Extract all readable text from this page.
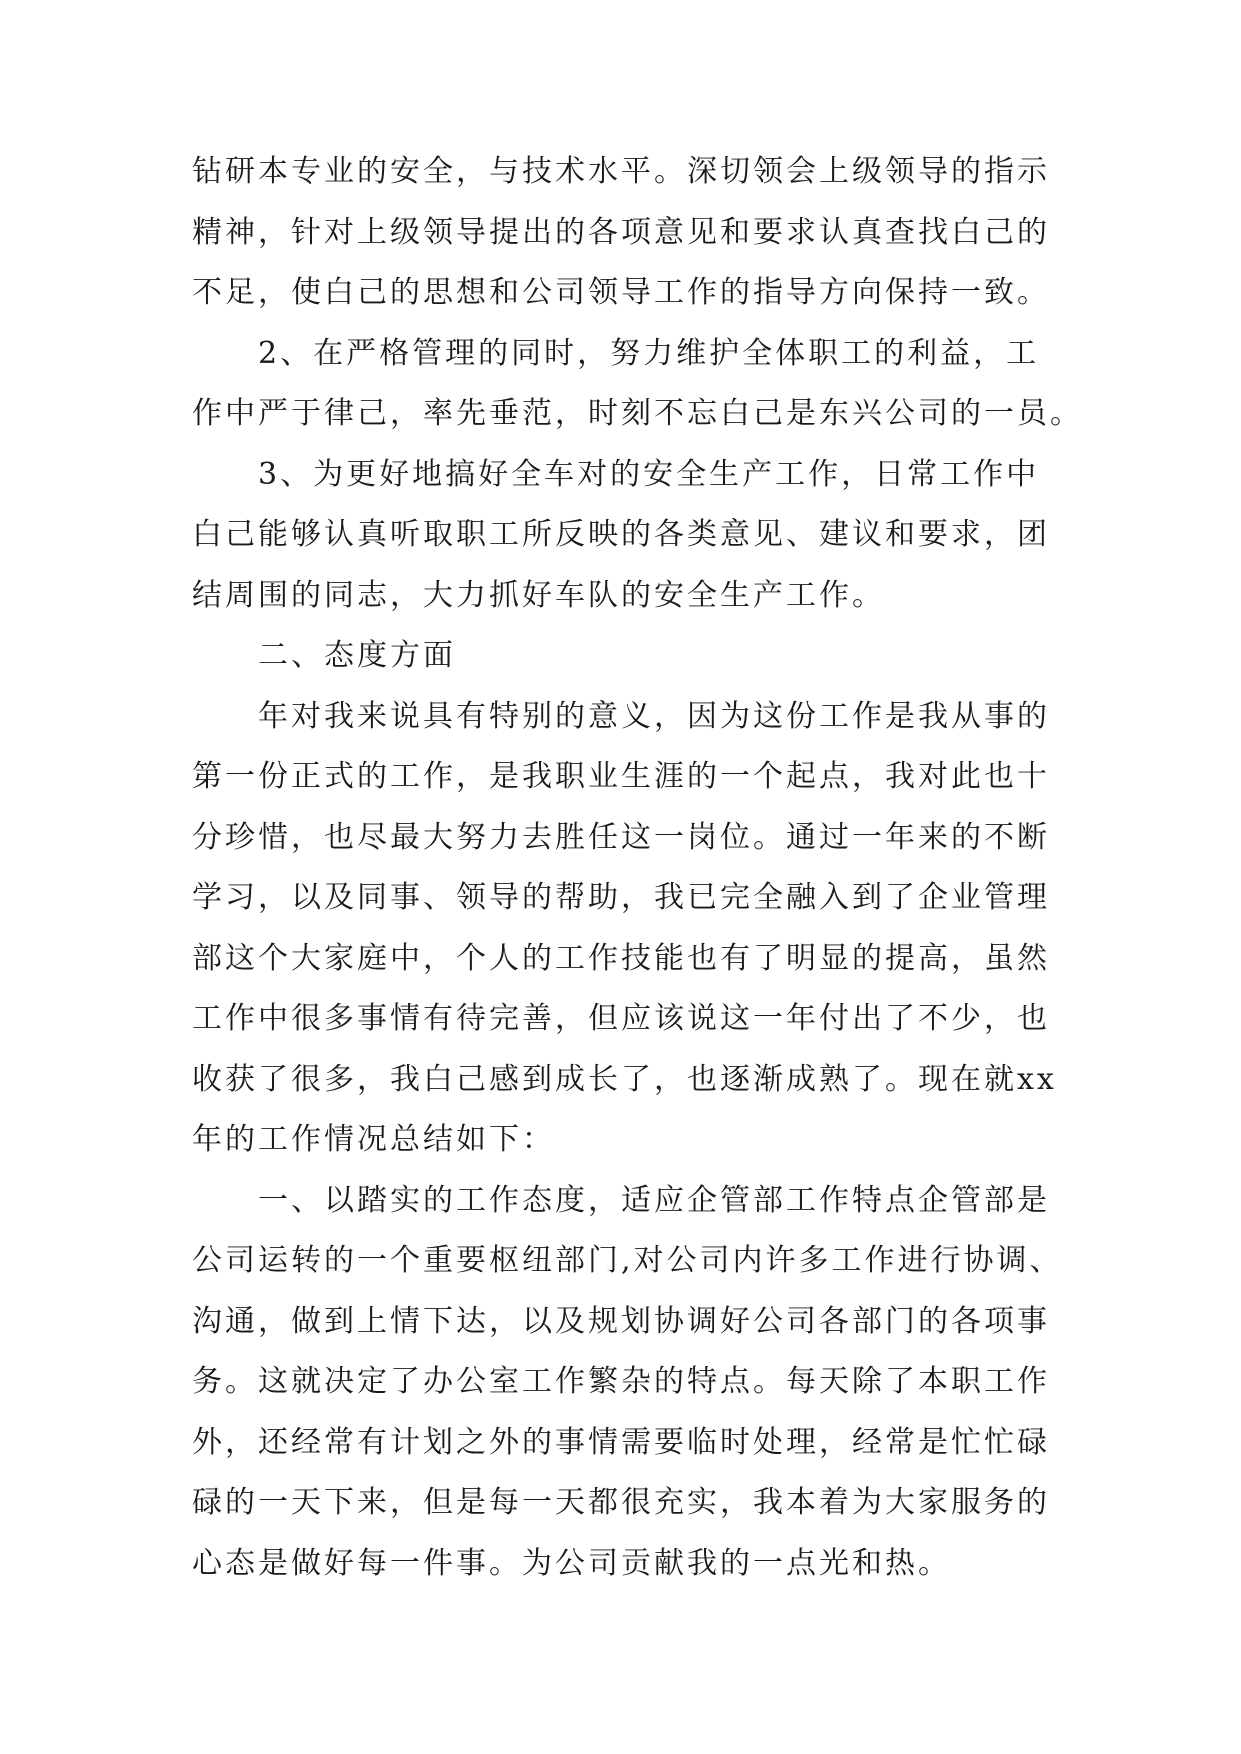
钻研本专业的安全，与技术水平。深切领会上级领导的指示
精神，针对上级领导提出的各项意见和要求认真查找白己的
不足，使白己的思想和公司领导工作的指导方向保持一致。
2、在严格管理的同时，努力维护全体职工的利益，工
作中严于律己，率先垂范，时刻不忘白己是东兴公司的一员。
3、为更好地搞好全车对的安全生产工作，日常工作中
白己能够认真听取职工所反映的各类意见、建议和要求，团
结周围的同志，大力抓好车队的安全生产工作。
二、态度方面
年对我来说具有特别的意义，因为这份工作是我从事的
第一份正式的工作，是我职业生涯的一个起点，我对此也十
分珍惜，也尽最大努力去胜任这一岗位。通过一年来的不断
学习，以及同事、领导的帮助，我已完全融入到了企业管理
部这个大家庭中，个人的工作技能也有了明显的提高，虽然
工作中很多事情有待完善，但应该说这一年付出了不少，也
收获了很多，我白己感到成长了，也逐渐成熟了。现在就xx
年的工作情况总结如下：
一、以踏实的工作态度，适应企管部工作特点企管部是
公司运转的一个重要枢纽部门,对公司内许多工作进行协调、
沟通，做到上情下达，以及规划协调好公司各部门的各项事
务。这就决定了办公室工作繁杂的特点。每天除了本职工作
外，还经常有计划之外的事情需要临时处理，经常是忙忙碌
碌的一天下来，但是每一天都很充实，我本着为大家服务的
心态是做好每一件事。为公司贡献我的一点光和热。
